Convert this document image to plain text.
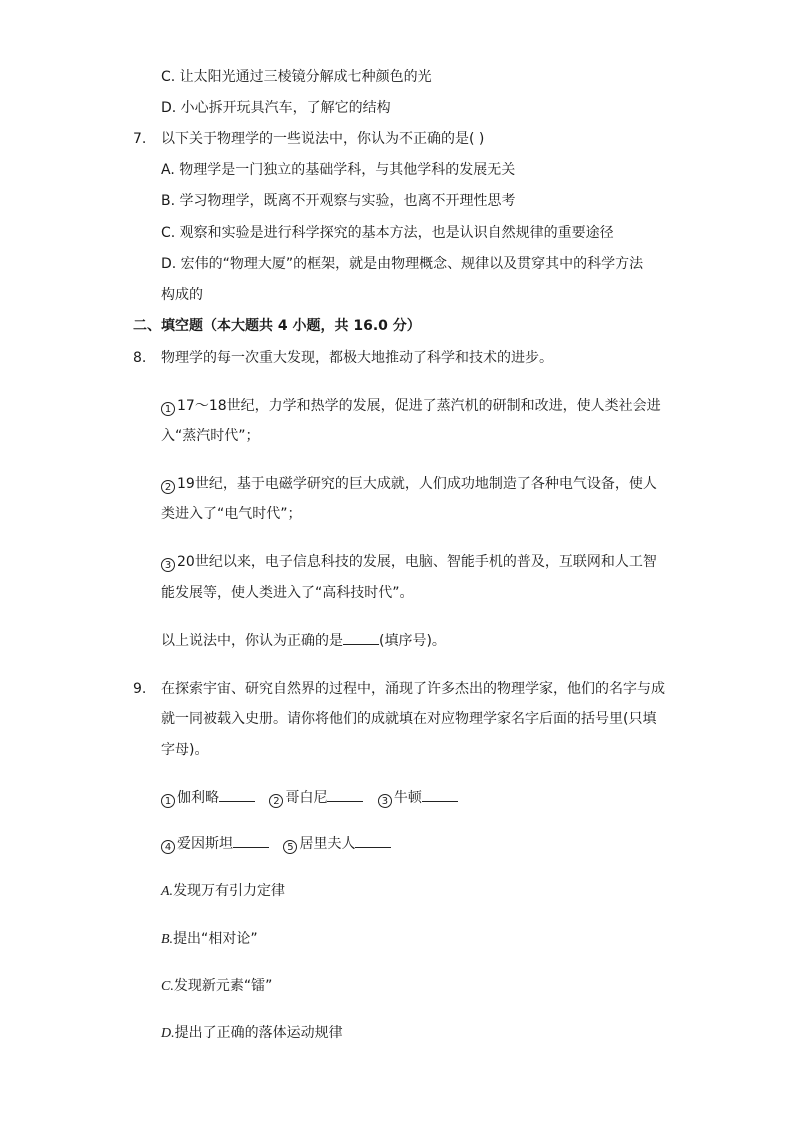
C. 让太阳光通过三棱镜分解成七种颜色的光
D. 小心拆开玩具汽车，了解它的结构
7. 以下关于物理学的一些说法中，你认为不正确的是( )
A. 物理学是一门独立的基础学科，与其他学科的发展无关
B. 学习物理学，既离不开观察与实验，也离不开理性思考
C. 观察和实验是进行科学探究的基本方法，也是认识自然规律的重要途径
D. 宏伟的“物理大厦”的框架，就是由物理概念、规律以及贯穿其中的科学方法
构成的
二、填空题（本大题共 4 小题，共 16.0 分）
8. 物理学的每一次重大发现，都极大地推动了科学和技术的进步。
1 17～18世纪，力学和热学的发展，促进了蒸汽机的研制和改进，使人类社会进
入“蒸汽时代”；
2 19世纪，基于电磁学研究的巨大成就，人们成功地制造了各种电气设备，使人
类进入了“电气时代”；
3 20世纪以来，电子信息科技的发展，电脑、智能手机的普及，互联网和人工智
能发展等，使人类进入了“高科技时代”。
以上说法中，你认为正确的是	(填序号)。
9. 在探索宇宙、研究自然界的过程中，涌现了许多杰出的物理学家，他们的名字与成
就一同被载入史册。请你将他们的成就填在对应物理学家名字后面的括号里(只填
字母)。
1 伽利略	2 哥白尼	3 牛顿
4 爱因斯坦	5 居里夫人
A.发现万有引力定律
B.提出“相对论”
C.发现新元素“镭”
D.提出了正确的落体运动规律
